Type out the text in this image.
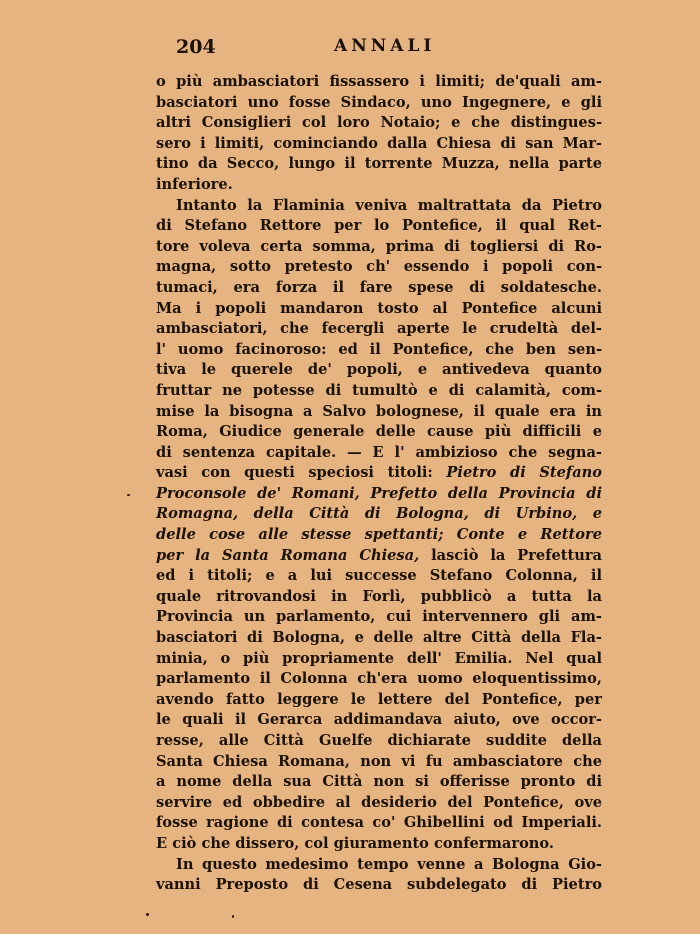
204	ANNALI
o più ambasciatori fissassero i limiti; de'quali am-
basciatori uno fosse Sindaco, uno Ingegnere, e gli
altri Consiglieri col loro Notaio; e che distingues-
sero i limiti, cominciando dalla Chiesa di san Mar-
tino da Secco, lungo il torrente Muzza, nella parte
inferiore.
Intanto la Flaminia veniva maltrattata da Pietro
di Stefano Rettore per lo Pontefice, il qual Ret-
tore voleva certa somma, prima di togliersi di Ro-
magna, sotto pretesto ch' essendo i popoli con-
tumaci, era forza il fare spese di soldatesche.
Ma i popoli mandaron tosto al Pontefice alcuni
ambasciatori, che fecergli aperte le crudeltà del-
l' uomo facinoroso: ed il Pontefice, che ben sen-
tiva le querele de' popoli, e antivedeva quanto
fruttar ne potesse di tumultò e di calamità, com-
mise la bisogna a Salvo bolognese, il quale era in
Roma, Giudice generale delle cause più difficili e
di sentenza capitale. — E l' ambizioso che segna-
vasi con questi speciosi titoli: Pietro di Stefano
Proconsole de' Romani, Prefetto della Provincia di
Romagna, della Città di Bologna, di Urbino, e
delle cose alle stesse spettanti; Conte e Rettore
per la Santa Romana Chiesa, lasciò la Prefettura
ed i titoli; e a lui successe Stefano Colonna, il
quale ritrovandosi in Forlì, pubblicò a tutta la
Provincia un parlamento, cui intervennero gli am-
basciatori di Bologna, e delle altre Città della Fla-
minia, o più propriamente dell' Emilia. Nel qual
parlamento il Colonna ch'era uomo eloquentissimo,
avendo fatto leggere le lettere del Pontefice, per
le quali il Gerarca addimandava aiuto, ove occor-
resse, alle Città Guelfe dichiarate suddite della
Santa Chiesa Romana, non vi fu ambasciatore che
a nome della sua Città non si offerisse pronto di
servire ed obbedire al desiderio del Pontefice, ove
fosse ragione di contesa co' Ghibellini od Imperiali.
E ciò che dissero, col giuramento confermarono.
In questo medesimo tempo venne a Bologna Gio-
vanni Preposto di Cesena subdelegato di Pietro
